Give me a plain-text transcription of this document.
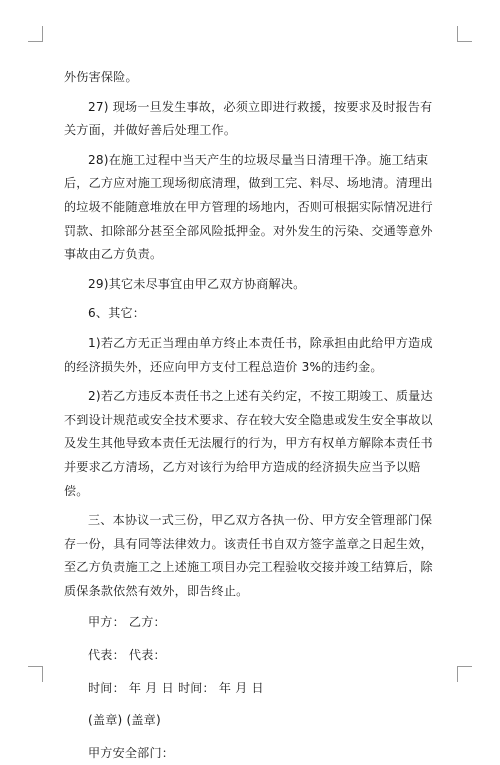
外伤害保险。

27) 现场一旦发生事故，必须立即进行救援，按要求及时报告有关方面，并做好善后处理工作。

28)在施工过程中当天产生的垃圾尽量当日清理干净。施工结束后，乙方应对施工现场彻底清理，做到工完、料尽、场地清。清理出的垃圾不能随意堆放在甲方管理的场地内，否则可根据实际情况进行罚款、扣除部分甚至全部风险抵押金。对外发生的污染、交通等意外事故由乙方负责。

29)其它未尽事宜由甲乙双方协商解决。

6、其它：

1)若乙方无正当理由单方终止本责任书，除承担由此给甲方造成的经济损失外，还应向甲方支付工程总造价 3%的违约金。

2)若乙方违反本责任书之上述有关约定，不按工期竣工、质量达不到设计规范或安全技术要求、存在较大安全隐患或发生安全事故以及发生其他导致本责任无法履行的行为，甲方有权单方解除本责任书并要求乙方清场，乙方对该行为给甲方造成的经济损失应当予以赔偿。

三、本协议一式三份，甲乙双方各执一份、甲方安全管理部门保存一份，具有同等法律效力。该责任书自双方签字盖章之日起生效，至乙方负责施工之上述施工项目办完工程验收交接并竣工结算后，除质保条款依然有效外，即告终止。

甲方： 乙方：

代表： 代表：

时间： 年 月 日 时间： 年 月 日

(盖章) (盖章)

甲方安全部门：
